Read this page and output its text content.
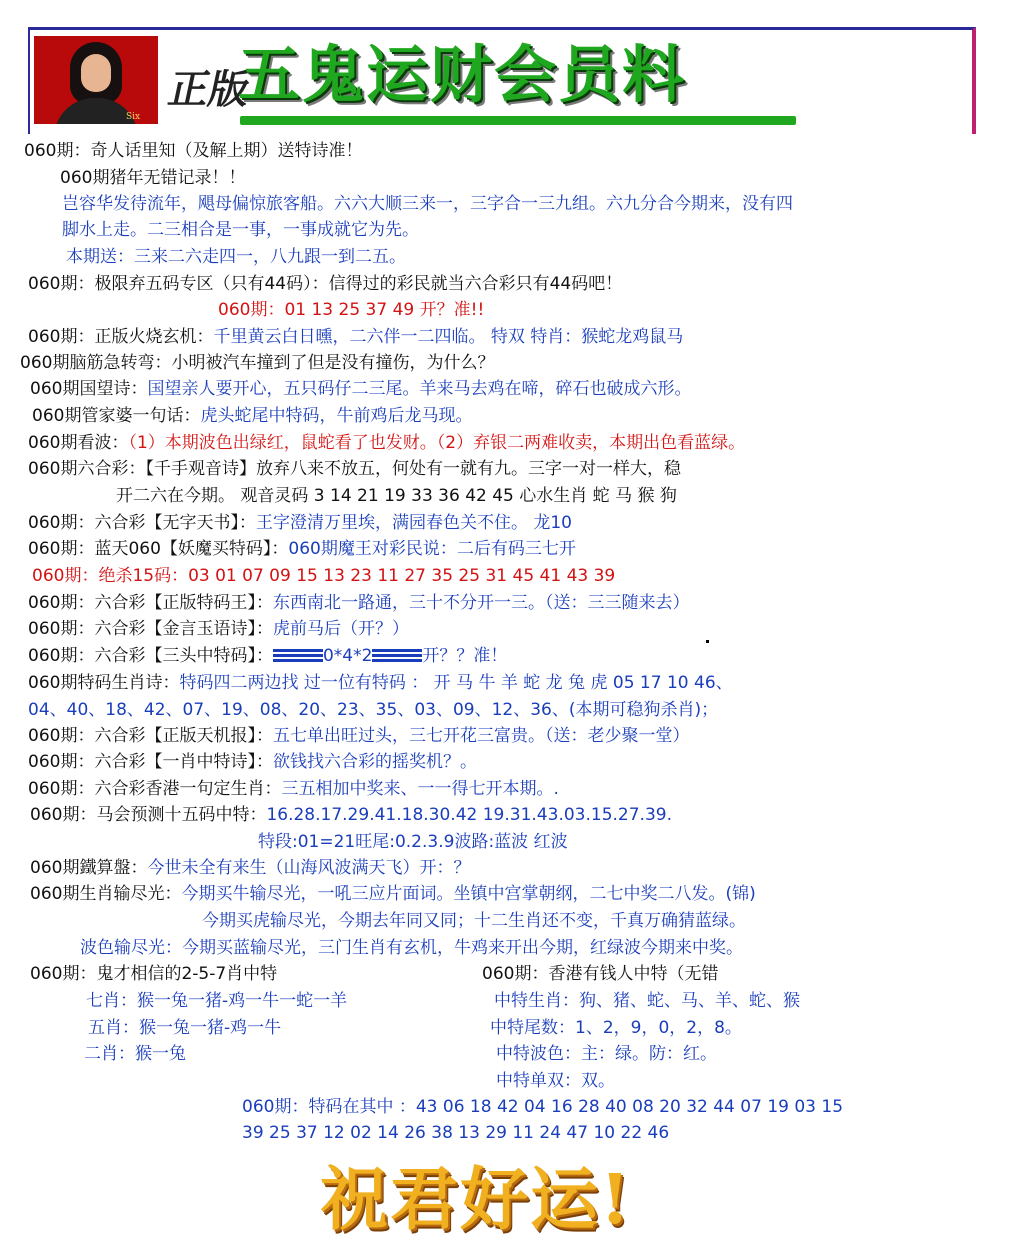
Six
正版
五鬼运财会员料
060期：奇人话里知（及解上期）送特诗准！
060期猪年无错记录！！
岂容华发待流年，飓母偏惊旅客船。六六大顺三来一，三字合一三九组。六九分合今期来，没有四
脚水上走。二三相合是一事，一事成就它为先。
本期送：三来二六走四一，八九跟一到二五。
060期：极限弃五码专区（只有44码）：信得过的彩民就当六合彩只有44码吧！
060期：01 13 25 37 49 开？准!!
060期：正版火烧玄机：千里黄云白日曛，二六伴一二四临。 特双 特肖：猴蛇龙鸡鼠马
060期脑筋急转弯：小明被汽车撞到了但是没有撞伤，为什么？
060期国望诗：国望亲人要开心，五只码仔二三尾。羊来马去鸡在啼，碎石也破成六形。
060期管家婆一句话：虎头蛇尾中特码，牛前鸡后龙马现。
060期看波：（1）本期波色出绿红，鼠蛇看了也发财。（2）弃银二两难收卖，本期出色看蓝绿。
060期六合彩：【千手观音诗】放弃八来不放五，何处有一就有九。三字一对一样大，稳
开二六在今期。 观音灵码 3 14 21 19 33 36 42 45 心水生肖 蛇 马 猴 狗
060期：六合彩【无字天书】：王字澄清万里埃，满园春色关不住。 龙10
060期：蓝天060【妖魔买特码】：060期魔王对彩民说：二后有码三七开
060期：绝杀15码：03 01 07 09 15 13 23 11 27 35 25 31 45 41 43 39
060期：六合彩【正版特码王】：东西南北一路通，三十不分开一三。（送：三三随来去）
060期：六合彩【金言玉语诗】：虎前马后（开？）
060期：六合彩【三头中特码】：	0*4*2	开？？准！
060期特码生肖诗：特码四二两边找 过一位有特码 ： 开 马 牛 羊 蛇 龙 兔 虎 05 17 10 46、
04、40、18、42、07、19、08、20、23、35、03、09、12、36、(本期可稳狗杀肖)；
060期：六合彩【正版天机报】：五七单出旺过头，三七开花三富贵。（送：老少聚一堂）
060期：六合彩【一肖中特诗】：欲钱找六合彩的摇奖机？。
060期：六合彩香港一句定生肖：三五相加中奖来、一一得七开本期。.
060期：马会预测十五码中特：16.28.17.29.41.18.30.42 19.31.43.03.15.27.39.
特段:01=21旺尾:0.2.3.9波路:蓝波 红波
060期鐵算盤：今世未全有来生（山海风波满天飞）开：？
060期生肖输尽光：今期买牛输尽光，一吼三应片面词。坐镇中宫掌朝纲，二七中奖二八发。(锦)
今期买虎输尽光，今期去年同又同；十二生肖还不变，千真万确猜蓝绿。
波色输尽光：今期买蓝输尽光，三门生肖有玄机，牛鸡来开出今期，红绿波今期来中奖。
060期：鬼才相信的2-5-7肖中特
七肖：猴一兔一猪-鸡一牛一蛇一羊
五肖：猴一兔一猪-鸡一牛
二肖：猴一兔
060期：香港有钱人中特（无错
中特生肖：狗、猪、蛇、马、羊、蛇、猴
中特尾数：1、2，9，0，2，8。
中特波色：主：绿。防：红。
中特单双：双。
060期：特码在其中 ：43 06 18 42 04 16 28 40 08 20 32 44 07 19 03 15
39 25 37 12 02 14 26 38 13 29 11 24 47 10 22 46
祝君好运!
